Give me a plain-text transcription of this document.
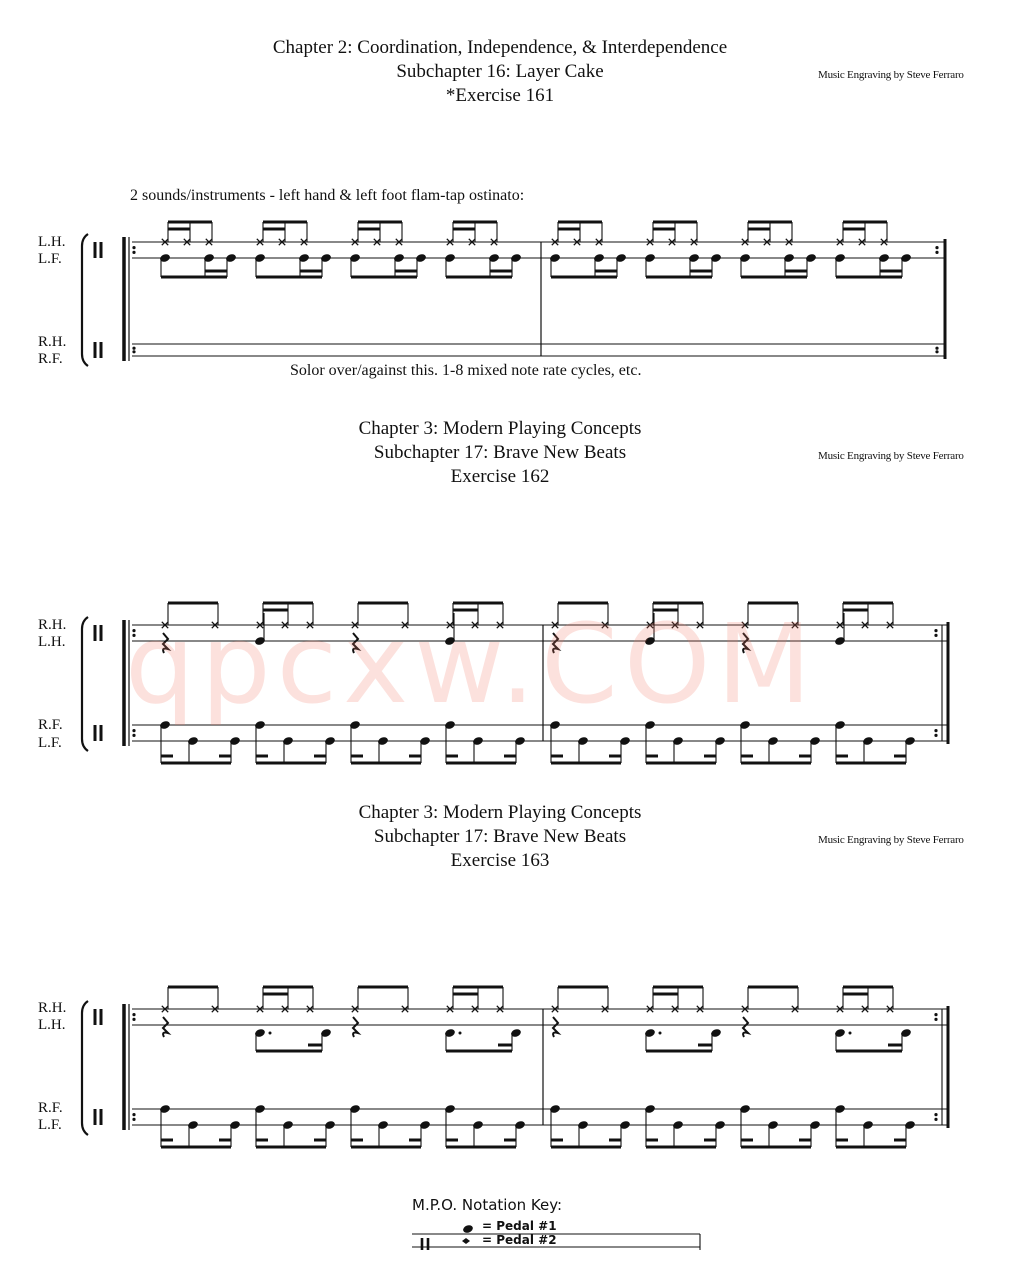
Chapter 2: Coordination, Independence, & Interdependence
Subchapter 16: Layer Cake
*Exercise 161
Music Engraving by Steve Ferraro
2 sounds/instruments - left hand & left foot flam-tap ostinato:
L.H.
L.F.
R.H.
R.F.
Solor over/against this. 1-8 mixed note rate cycles, etc.
Chapter 3: Modern Playing Concepts
Subchapter 17: Brave New Beats
Exercise 162
Music Engraving by Steve Ferraro
R.H.
L.H.
R.F.
L.F.
Chapter 3: Modern Playing Concepts
Subchapter 17: Brave New Beats
Exercise 163
Music Engraving by Steve Ferraro
R.H.
L.H.
R.F.
L.F.
M.P.O. Notation Key:
= Pedal #1
= Pedal #2
qpcxw.COM
